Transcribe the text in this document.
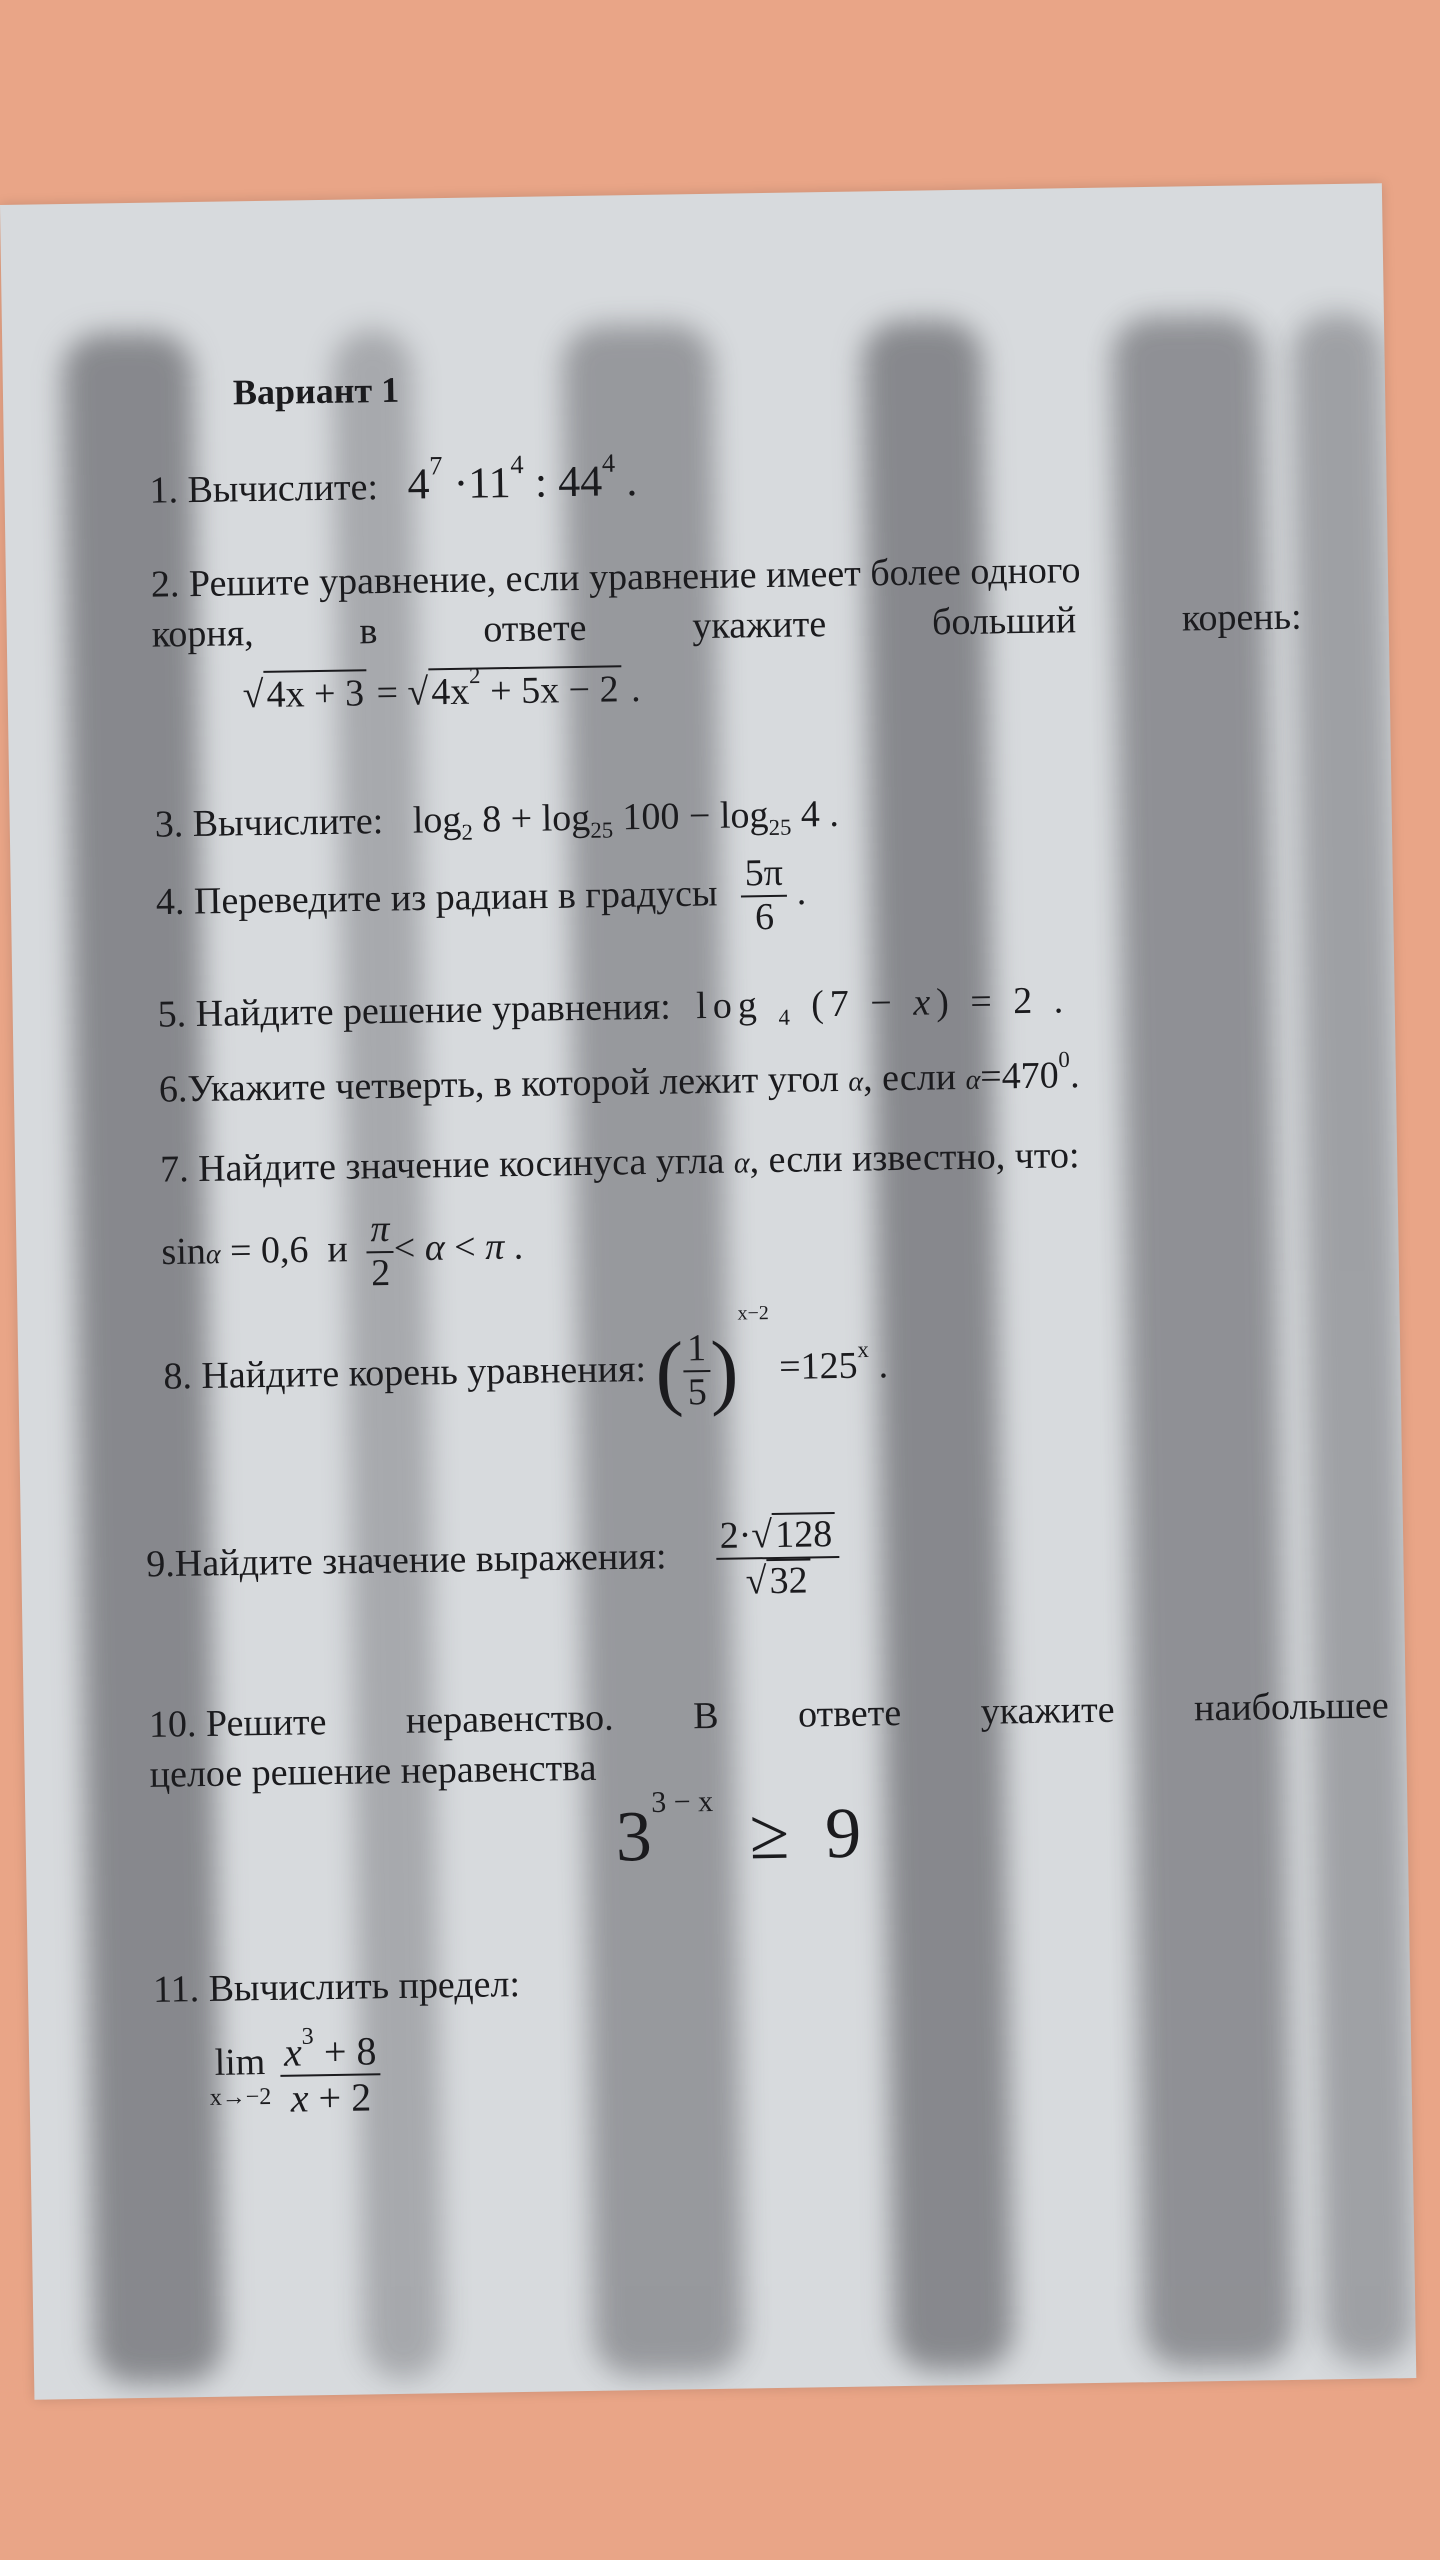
Вариант 1
1. Вычислите: $4^7 \cdot 11^4$ : $44^4$ .
2. Решите уравнение, если уравнение имеет более одного
корня,	в	ответе	укажите	больший	корень:
$√4x + 3 = √4x^2 + 5x - 2$ .
3. Вычислите: $\log_2 8 + \log_{25} 100 - \log_{25} 4$ .
4. Переведите из радиан в градусы $\frac{5\pi}{6}$
.
5. Найдите решение уравнения: log $_4$ (7 − x) = 2 .
6.Укажите четверть, в которой лежит угол α, если $\alpha=470^0$.
7. Найдите значение косинуса угла α, если известно, что:
sinα = 0,6  и $\frac{\pi}{2}$
< α < π .
8. Найдите корень уравнения: (
$\frac{1}{5}$
)$^{x-2} =125^x$ .
9.Найдите значение выражения: $\frac{2\cdot√128}{√32}$
10. Решите неравенство. В ответе укажите наибольшее
целое решение неравенства
$3^{3 - x} \ge 9$
11. Вычислить предел:
lim
x→−2
$\frac{x^3 + 8}{x + 2}$
